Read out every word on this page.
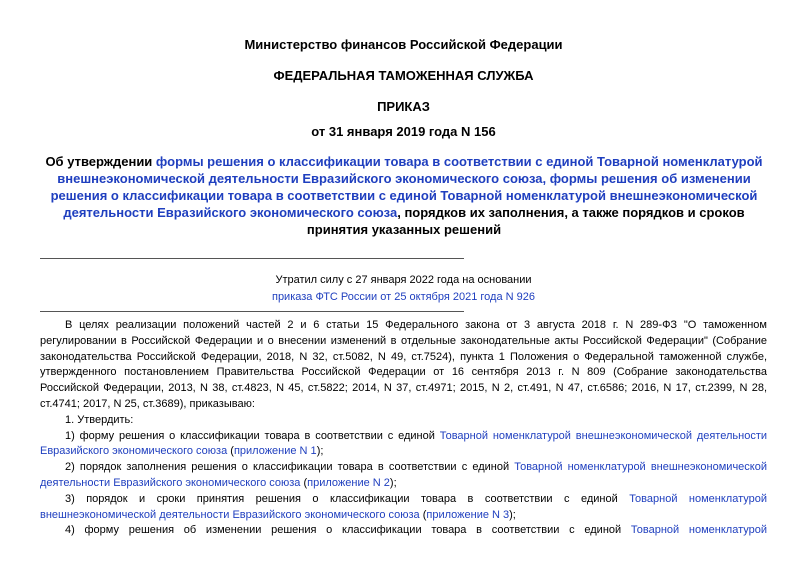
Министерство финансов Российской Федерации
ФЕДЕРАЛЬНАЯ ТАМОЖЕННАЯ СЛУЖБА
ПРИКАЗ
от 31 января 2019 года N 156
Об утверждении формы решения о классификации товара в соответствии с единой Товарной номенклатурой внешнеэкономической деятельности Евразийского экономического союза, формы решения об изменении решения о классификации товара в соответствии с единой Товарной номенклатурой внешнеэкономической деятельности Евразийского экономического союза, порядков их заполнения, а также порядков и сроков принятия указанных решений
Утратил силу с 27 января 2022 года на основании
приказа ФТС России от 25 октября 2021 года N 926

В целях реализации положений частей 2 и 6 статьи 15 Федерального закона от 3 августа 2018 г. N 289-ФЗ "О таможенном регулировании в Российской Федерации и о внесении изменений в отдельные законодательные акты Российской Федерации" (Собрание законодательства Российской Федерации, 2018, N 32, ст.5082, N 49, ст.7524), пункта 1 Положения о Федеральной таможенной службе, утвержденного постановлением Правительства Российской Федерации от 16 сентября 2013 г. N 809 (Собрание законодательства Российской Федерации, 2013, N 38, ст.4823, N 45, ст.5822; 2014, N 37, ст.4971; 2015, N 2, ст.491, N 47, ст.6586; 2016, N 17, ст.2399, N 28, ст.4741; 2017, N 25, ст.3689), приказываю:

1. Утвердить:

1) форму решения о классификации товара в соответствии с единой Товарной номенклатурой внешнеэкономической деятельности Евразийского экономического союза (приложение N 1);

2) порядок заполнения решения о классификации товара в соответствии с единой Товарной номенклатурой внешнеэкономической деятельности Евразийского экономического союза (приложение N 2);

3) порядок и сроки принятия решения о классификации товара в соответствии с единой Товарной номенклатурой внешнеэкономической деятельности Евразийского экономического союза (приложение N 3);

4) форму решения об изменении решения о классификации товара в соответствии с единой Товарной номенклатурой
